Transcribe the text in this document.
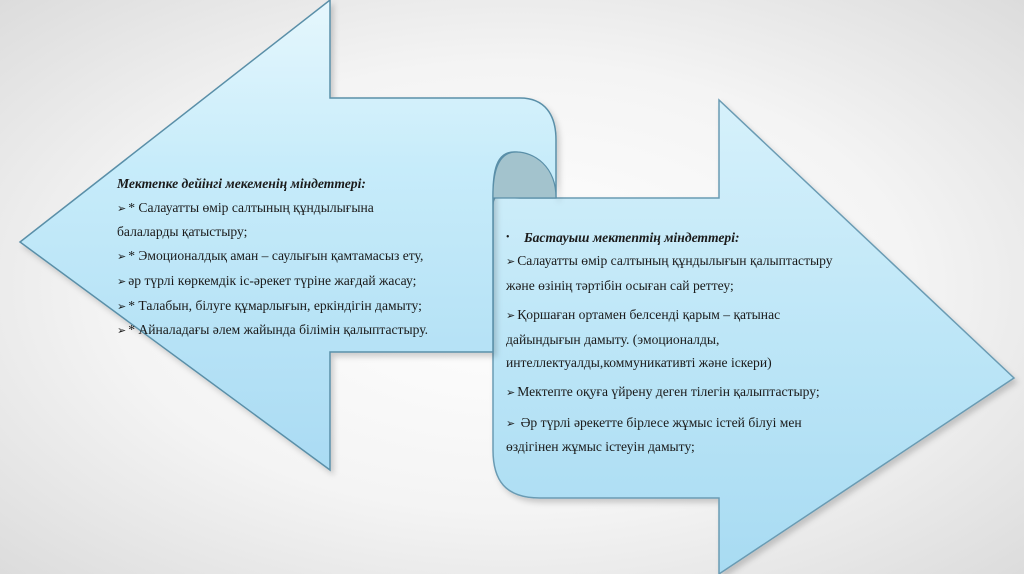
Мектепке дейінгі мекеменің міндеттері:
➢ * Салауатты өмір салтының құндылығына
балаларды қатыстыру;
➢ * Эмоционалдық аман – саулығын қамтамасыз ету,
➢ әр түрлі көркемдік іс-әрекет түріне жағдай жасау;
➢ * Талабын, білуге құмарлығын, еркіндігін дамыту;
➢ * Айналадағы әлем жайында білімін қалыптастыру.
• Бастауыш мектептің міндеттері:
➢ Салауатты өмір салтының құндылығын қалыптастыру
және өзінің тәртібін осыған сай реттеу;
➢ Қоршаған ортамен белсенді қарым – қатынас
дайындығын дамыту. (эмоционалды,
интеллектуалды,коммуникативті және іскери)
➢ Мектепте оқуға үйрену деген тілегін қалыптастыру;
➢ Әр түрлі әрекетте бірлесе жұмыс істей білуі мен
өздігінен жұмыс істеуін дамыту;
